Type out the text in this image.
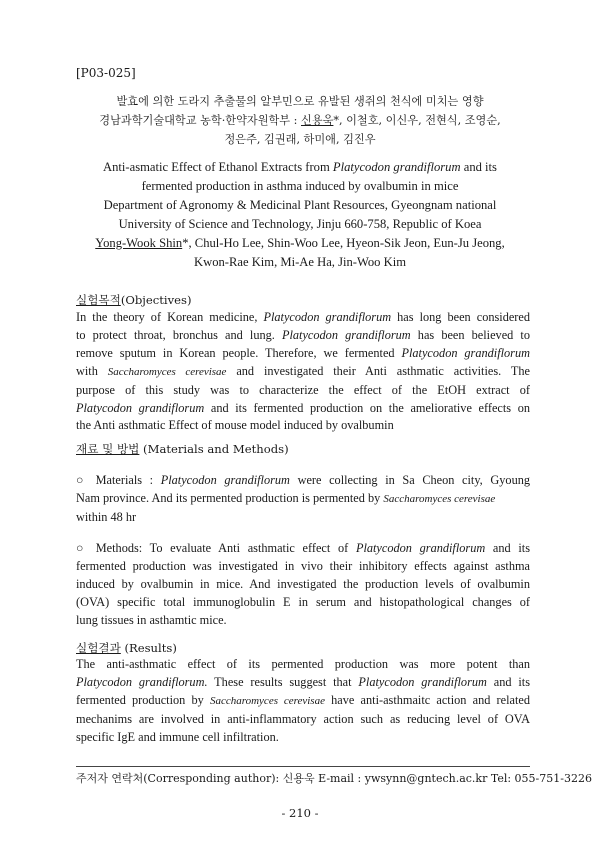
[P03-025]
발효에 의한 도라지 추출물의 알부민으로 유발된 생쥐의 천식에 미치는 영향
경남과학기술대학교 농학·한약자원학부 : 신용욱*, 이철호, 이신우, 전현식, 조영순,
정은주, 김권래, 하미애, 김진우
Anti-asmatic Effect of Ethanol Extracts from Platycodon grandiflorum and its
fermented production in asthma induced by ovalbumin in mice
Department of Agronomy & Medicinal Plant Resources, Gyeongnam national
University of Science and Technology, Jinju 660-758, Republic of Koea
Yong-Wook Shin*, Chul-Ho Lee, Shin-Woo Lee, Hyeon-Sik Jeon, Eun-Ju Jeong,
Kwon-Rae Kim, Mi-Ae Ha, Jin-Woo Kim
실험목적(Objectives)
In the theory of Korean medicine, Platycodon grandiflorum has long been considered
to protect throat, bronchus and lung. Platycodon grandiflorum has been believed to
remove sputum in Korean people. Therefore, we fermented Platycodon grandiflorum
with Saccharomyces cerevisae and investigated their Anti asthmatic activities. The
purpose of this study was to characterize the effect of the EtOH extract of
Platycodon grandiflorum and its fermented production on the ameliorative effects on
the Anti asthmatic Effect of mouse model induced by ovalbumin
재료 및 방법 (Materials and Methods)
○ Materials : Platycodon grandiflorum were collecting in Sa Cheon city, Gyoung
Nam province. And its permented production is permented by Saccharomyces cerevisae
within 48 hr
○ Methods: To evaluate Anti asthmatic effect of Platycodon grandiflorum and its
fermented production was investigated in vivo their inhibitory effects against asthma
induced by ovalbumin in mice. And investigated the production levels of ovalbumin
(OVA) specific total immunoglobulin E in serum and histopathological changes of
lung tissues in asthamtic mice.
실험결과 (Results)
The anti-asthmatic effect of its permented production was more potent than
Platycodon grandiflorum. These results suggest that Platycodon grandiflorum and its
fermented production by Saccharomyces cerevisae have anti-asthmaitc action and related
mechanims are involved in anti-inflammatory action such as reducing level of OVA
specific IgE and immune cell infiltration.
주저자 연락처(Corresponding author): 신용욱 E-mail : ywsynn@gntech.ac.kr Tel: 055-751-3226
- 210 -
